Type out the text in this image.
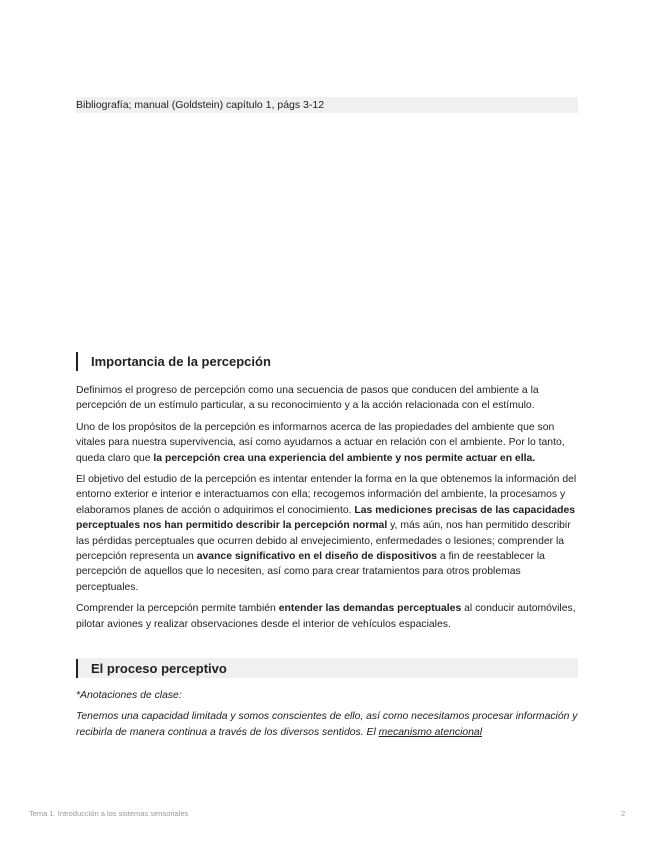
Bibliografía; manual (Goldstein) capítulo 1, págs 3-12
Importancia de la percepción

Definimos el progreso de percepción como una secuencia de pasos que conducen del ambiente a la percepción de un estímulo particular, a su reconocimiento y a la acción relacionada con el estímulo.

Uno de los propósitos de la percepción es informarnos acerca de las propiedades del ambiente que son vitales para nuestra supervivencia, así como ayudarnos a actuar en relación con el ambiente. Por lo tanto, queda claro que la percepción crea una experiencia del ambiente y nos permite actuar en ella.

El objetivo del estudio de la percepción es intentar entender la forma en la que obtenemos la información del entorno exterior e interior e interactuamos con ella; recogemos información del ambiente, la procesamos y elaboramos planes de acción o adquirimos el conocimiento. Las mediciones precisas de las capacidades perceptuales nos han permitido describir la percepción normal y, más aún, nos han permitido describir las pérdidas perceptuales que ocurren debido al envejecimiento, enfermedades o lesiones; comprender la percepción representa un avance significativo en el diseño de dispositivos a fin de reestablecer la percepción de aquellos que lo necesiten, así como para crear tratamientos para otros problemas perceptuales.

Comprender la percepción permite también entender las demandas perceptuales al conducir automóviles, pilotar aviones y realizar observaciones desde el interior de vehículos espaciales.

El proceso perceptivo

*Anotaciones de clase:

Tenemos una capacidad limitada y somos conscientes de ello, así como necesitamos procesar información y recibirla de manera continua a través de los diversos sentidos. El mecanismo atencional

Tema 1. Introducción a los sistemas sensoriales	2
